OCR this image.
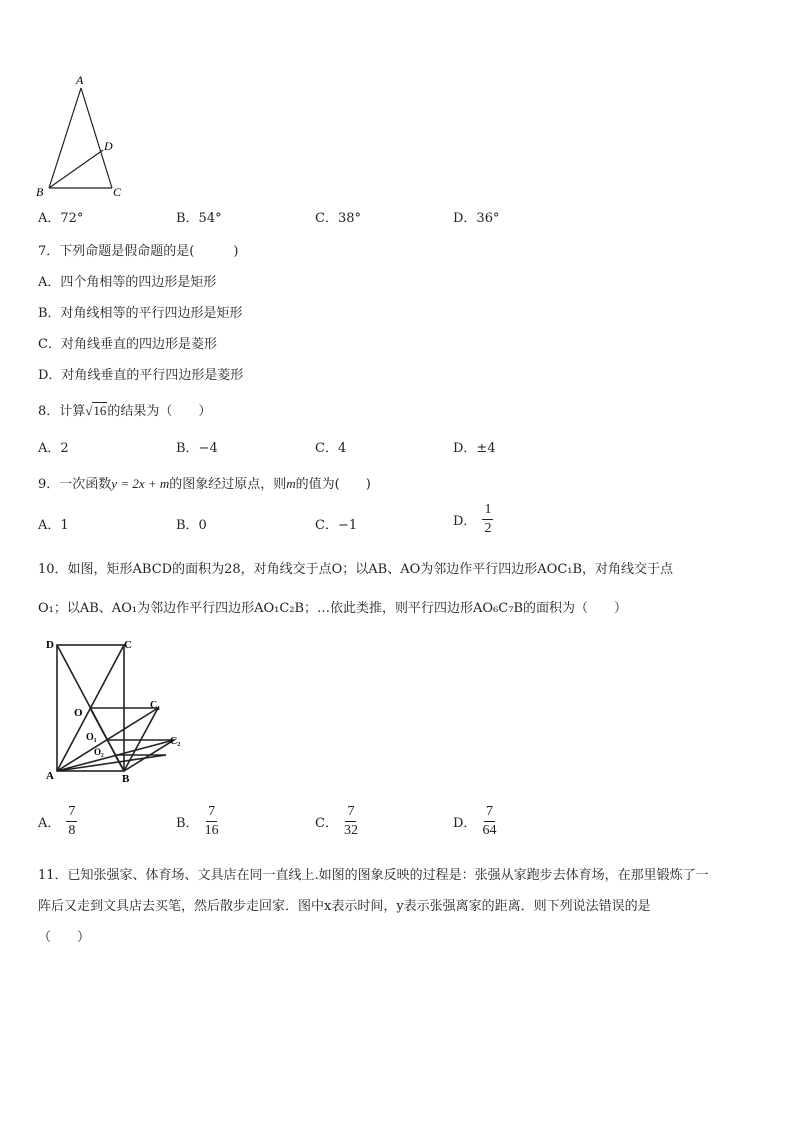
A
D
B	C
A．72°	B．54°	C．38°	D．36°
7．下列命题是假命题的是(　　　)
A．四个角相等的四边形是矩形
B．对角线相等的平行四边形是矩形
C．对角线垂直的四边形是菱形
D．对角线垂直的平行四边形是菱形
8．计算√16的结果为（　　）
A．2	B．−4	C．4	D．±4
9．一次函数y = 2x + m的图象经过原点，则m的值为(　　)
A．1	B．0	C．−1	D． $\frac{1}{2}$
10．如图，矩形ABCD的面积为28，对角线交于点O；以AB、AO为邻边作平行四边形AOC₁B，对角线交于点
O₁；以AB、AO₁为邻边作平行四边形AO₁C₂B；…依此类推，则平行四边形AO₆C₇B的面积为（　　）
D	C
O
C₁
O₁
O₂
C₂
A	B
A． $\frac{7}{8}$	B． $\frac{7}{16}$	C． $\frac{7}{32}$	D． $\frac{7}{64}$
11．已知张强家、体育场、文具店在同一直线上.如图的图象反映的过程是：张强从家跑步去体育场，在那里锻炼了一
阵后又走到文具店去买笔，然后散步走回家．图中x表示时间，y表示张强离家的距离．则下列说法错误的是
（　　）
